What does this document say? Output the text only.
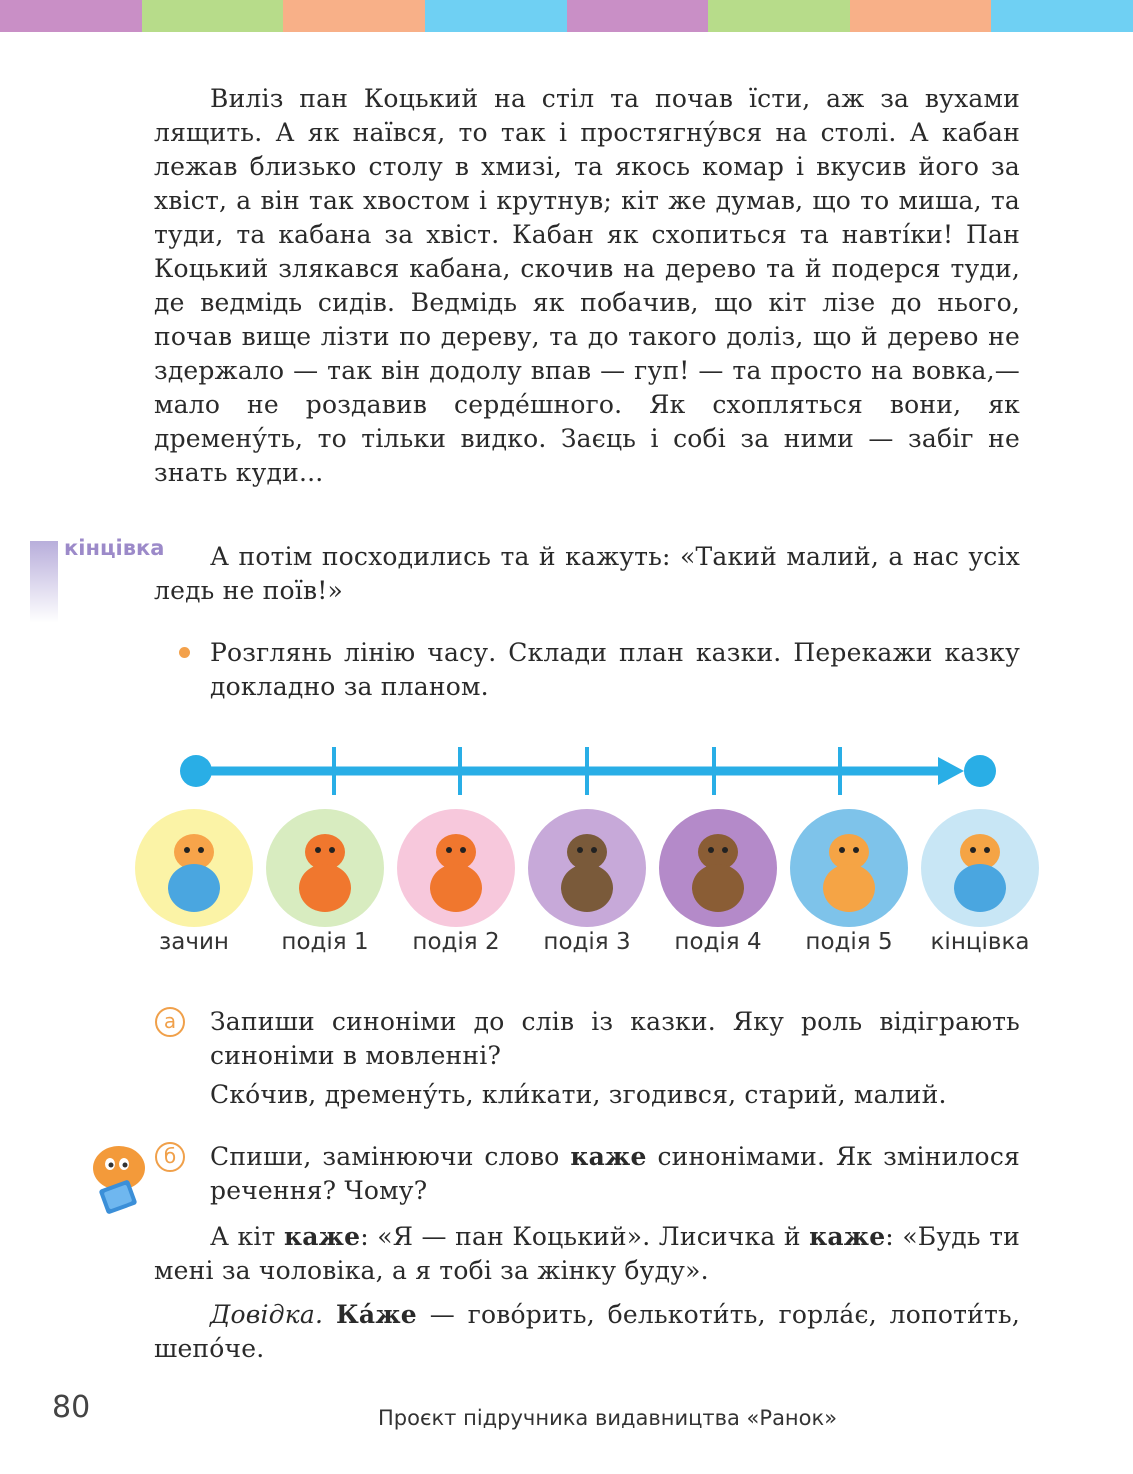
Виліз пан Коцький на стіл та почав їсти, аж за вухами лящить. А як наївся, то так і простягну́вся на столі. А кабан лежав близько столу в хмизі, та якось комар і вкусив його за хвіст, а він так хвостом і крутнув; кіт же думав, що то миша, та туди, та кабана за хвіст. Кабан як схопиться та навті́ки! Пан Коцький злякався кабана, скочив на дерево та й подерся туди, де ведмідь сидів. Ведмідь як побачив, що кіт лізе до нього, почав вище лізти по дереву, та до такого доліз, що й дерево не здержало — так він додолу впав — гуп! — та просто на вовка,— мало не роздавив серде́шного. Як схопляться вони, як дремену́ть, то тільки видко. Заєць і собі за ними — забіг не знать куди...

кінцівка	А потім посходились та й кажуть: «Такий малий, а нас усіх ледь не поїв!»

Розглянь лінію часу. Склади план казки. Перекажи казку докладно за планом.

зачин	подія 1	подія 2	подія 3	подія 4	подія 5	кінцівка
а	Запиши синоніми до слів із казки. Яку роль відіграють синоніми в мовленні?

Ско́чив, дремену́ть, кли́кати, згодився, старий, малий.

б	Спиши, замінюючи слово каже синонімами. Як змінилося речення? Чому?

А кіт каже: «Я — пан Коцький». Лисичка й каже: «Будь ти мені за чоловіка, а я тобі за жінку буду».

Довідка. Ка́же — гово́рить, белькоти́ть, горла́є, лопоти́ть, шепо́че.

80	Проєкт підручника видавництва «Ранок»
